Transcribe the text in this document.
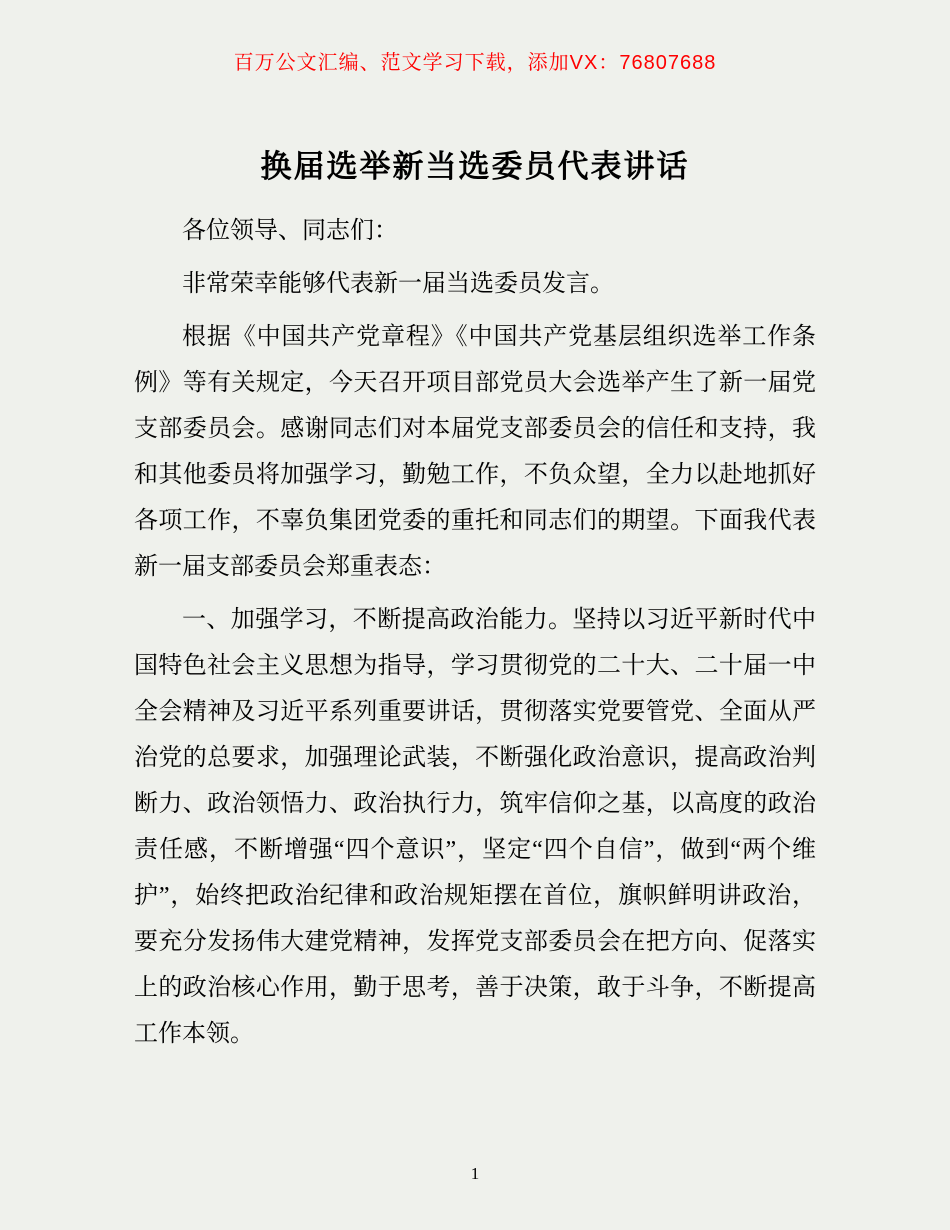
百万公文汇编、范文学习下载，添加VX：76807688
换届选举新当选委员代表讲话

各位领导、同志们：

非常荣幸能够代表新一届当选委员发言。

根据《中国共产党章程》《中国共产党基层组织选举工作条例》等有关规定，今天召开项目部党员大会选举产生了新一届党支部委员会。感谢同志们对本届党支部委员会的信任和支持，我和其他委员将加强学习，勤勉工作，不负众望，全力以赴地抓好各项工作，不辜负集团党委的重托和同志们的期望。下面我代表新一届支部委员会郑重表态：

一、加强学习，不断提高政治能力。坚持以习近平新时代中国特色社会主义思想为指导，学习贯彻党的二十大、二十届一中全会精神及习近平系列重要讲话，贯彻落实党要管党、全面从严治党的总要求，加强理论武装，不断强化政治意识，提高政治判断力、政治领悟力、政治执行力，筑牢信仰之基，以高度的政治责任感，不断增强“四个意识”，坚定“四个自信”，做到“两个维护”，始终把政治纪律和政治规矩摆在首位，旗帜鲜明讲政治，要充分发扬伟大建党精神，发挥党支部委员会在把方向、促落实上的政治核心作用，勤于思考，善于决策，敢于斗争，不断提高工作本领。

1
